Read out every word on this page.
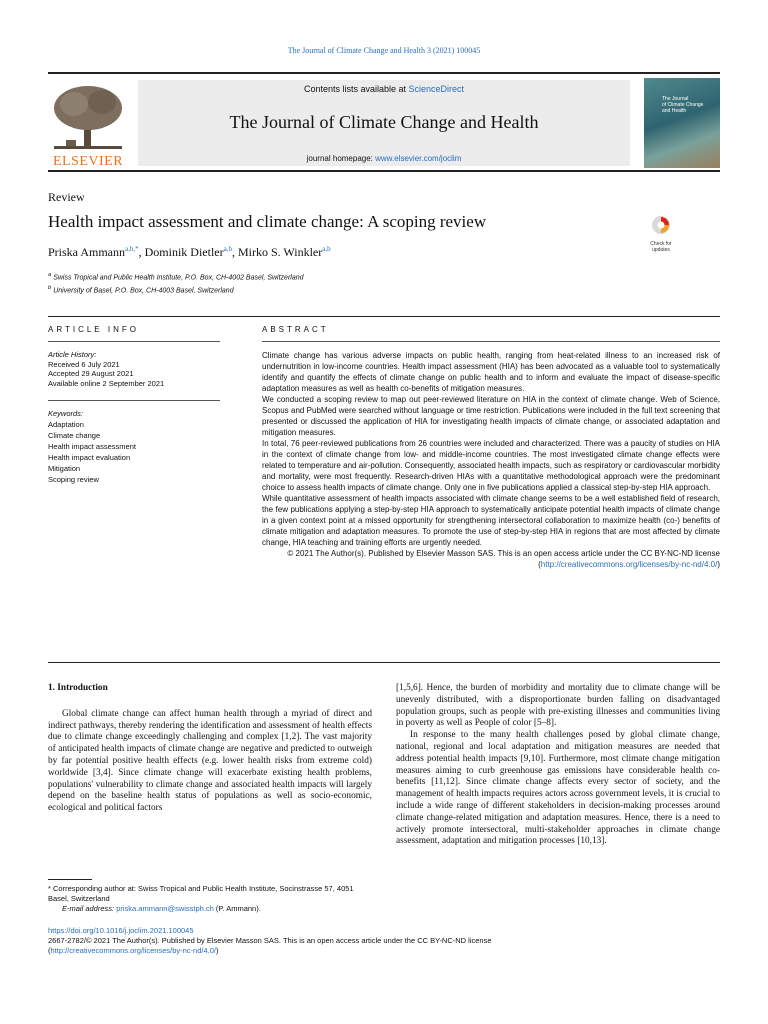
The Journal of Climate Change and Health 3 (2021) 100045
ELSEVIER
Contents lists available at ScienceDirect
The Journal of Climate Change and Health
journal homepage: www.elsevier.com/joclim
The Journal
of Climate Change
and Health
Review
Health impact assessment and climate change: A scoping review
Check for updates
Priska Ammann$^{a,b,*}$, Dominik Dietler$^{a,b}$, Mirko S. Winkler$^{a,b}$
$^a$ Swiss Tropical and Public Health Institute, P.O. Box, CH-4002 Basel, Switzerland
$^b$ University of Basel, P.O. Box, CH-4003 Basel, Switzerland
ARTICLE INFO	ABSTRACT
Article History:
Received 6 July 2021
Accepted 29 August 2021
Available online 2 September 2021
Keywords:
Adaptation
Climate change
Health impact assessment
Health impact evaluation
Mitigation
Scoping review

Climate change has various adverse impacts on public health, ranging from heat-related illness to an increased risk of undernutrition in low-income countries. Health impact assessment (HIA) has been advocated as a valuable tool to systematically identify and quantify the effects of climate change on public health and to inform and evaluate the impact of disease-specific adaptation measures as well as health co-benefits of mitigation measures.

We conducted a scoping review to map out peer-reviewed literature on HIA in the context of climate change. Web of Science, Scopus and PubMed were searched without language or time restriction. Publications were included in the full text screening that presented or discussed the application of HIA for investigating health impacts of climate change, or associated adaptation and mitigation measures.

In total, 76 peer-reviewed publications from 26 countries were included and characterized. There was a paucity of studies on HIA in the context of climate change from low- and middle-income countries. The most investigated climate change effects were related to temperature and air-pollution. Consequently, associated health impacts, such as respiratory or cardiovascular morbidity and mortality, were most frequently. Research-driven HIAs with a quantitative methodological approach were the predominant choice to assess health impacts of climate change. Only one in five publications applied a classical step-by-step HIA approach.

While quantitative assessment of health impacts associated with climate change seems to be a well established field of research, the few publications applying a step-by-step HIA approach to systematically anticipate potential health impacts of climate change in a given context point at a missed opportunity for strengthening intersectoral collaboration to maximize health (co-) benefits of climate mitigation and adaptation measures. To promote the use of step-by-step HIA in regions that are most affected by climate change, HIA teaching and training efforts are urgently needed.

© 2021 The Author(s). Published by Elsevier Masson SAS. This is an open access article under the CC BY-NC-ND license (http://creativecommons.org/licenses/by-nc-nd/4.0/)

1. Introduction

Global climate change can affect human health through a myriad of direct and indirect pathways, thereby rendering the identification and assessment of health effects due to climate change exceedingly challenging and complex [1,2]. The vast majority of anticipated health impacts of climate change are negative and predicted to outweigh by far potential positive health effects (e.g. lower health risks from extreme cold) worldwide [3,4]. Since climate change will exacerbate existing health problems, populations' vulnerability to climate change and associated health impacts will largely depend on the baseline health status of populations as well as socio-economic, ecological and political factors

[1,5,6]. Hence, the burden of morbidity and mortality due to climate change will be unevenly distributed, with a disproportionate burden falling on disadvantaged population groups, such as people with pre-existing illnesses and communities living in poverty as well as People of color [5–8].

In response to the many health challenges posed by global climate change, national, regional and local adaptation and mitigation measures are needed that address potential health impacts [9,10]. Furthermore, most climate change mitigation measures aiming to curb greenhouse gas emissions have considerable health co-benefits [11,12]. Since climate change affects every sector of society, and the management of health impacts requires actors across government levels, it is crucial to include a wide range of different stakeholders in decision-making processes around climate change-related mitigation and adaptation measures. Hence, there is a need to actively promote intersectoral, multi-stakeholder approaches in climate change assessment, adaptation and mitigation processes [10,13].

* Corresponding author at: Swiss Tropical and Public Health Institute, Socinstrasse 57, 4051 Basel, Switzerland
E-mail address: priska.ammann@swisstph.ch (P. Ammann).
https://doi.org/10.1016/j.joclim.2021.100045
2667-2782/© 2021 The Author(s). Published by Elsevier Masson SAS. This is an open access article under the CC BY-NC-ND license
(http://creativecommons.org/licenses/by-nc-nd/4.0/)
